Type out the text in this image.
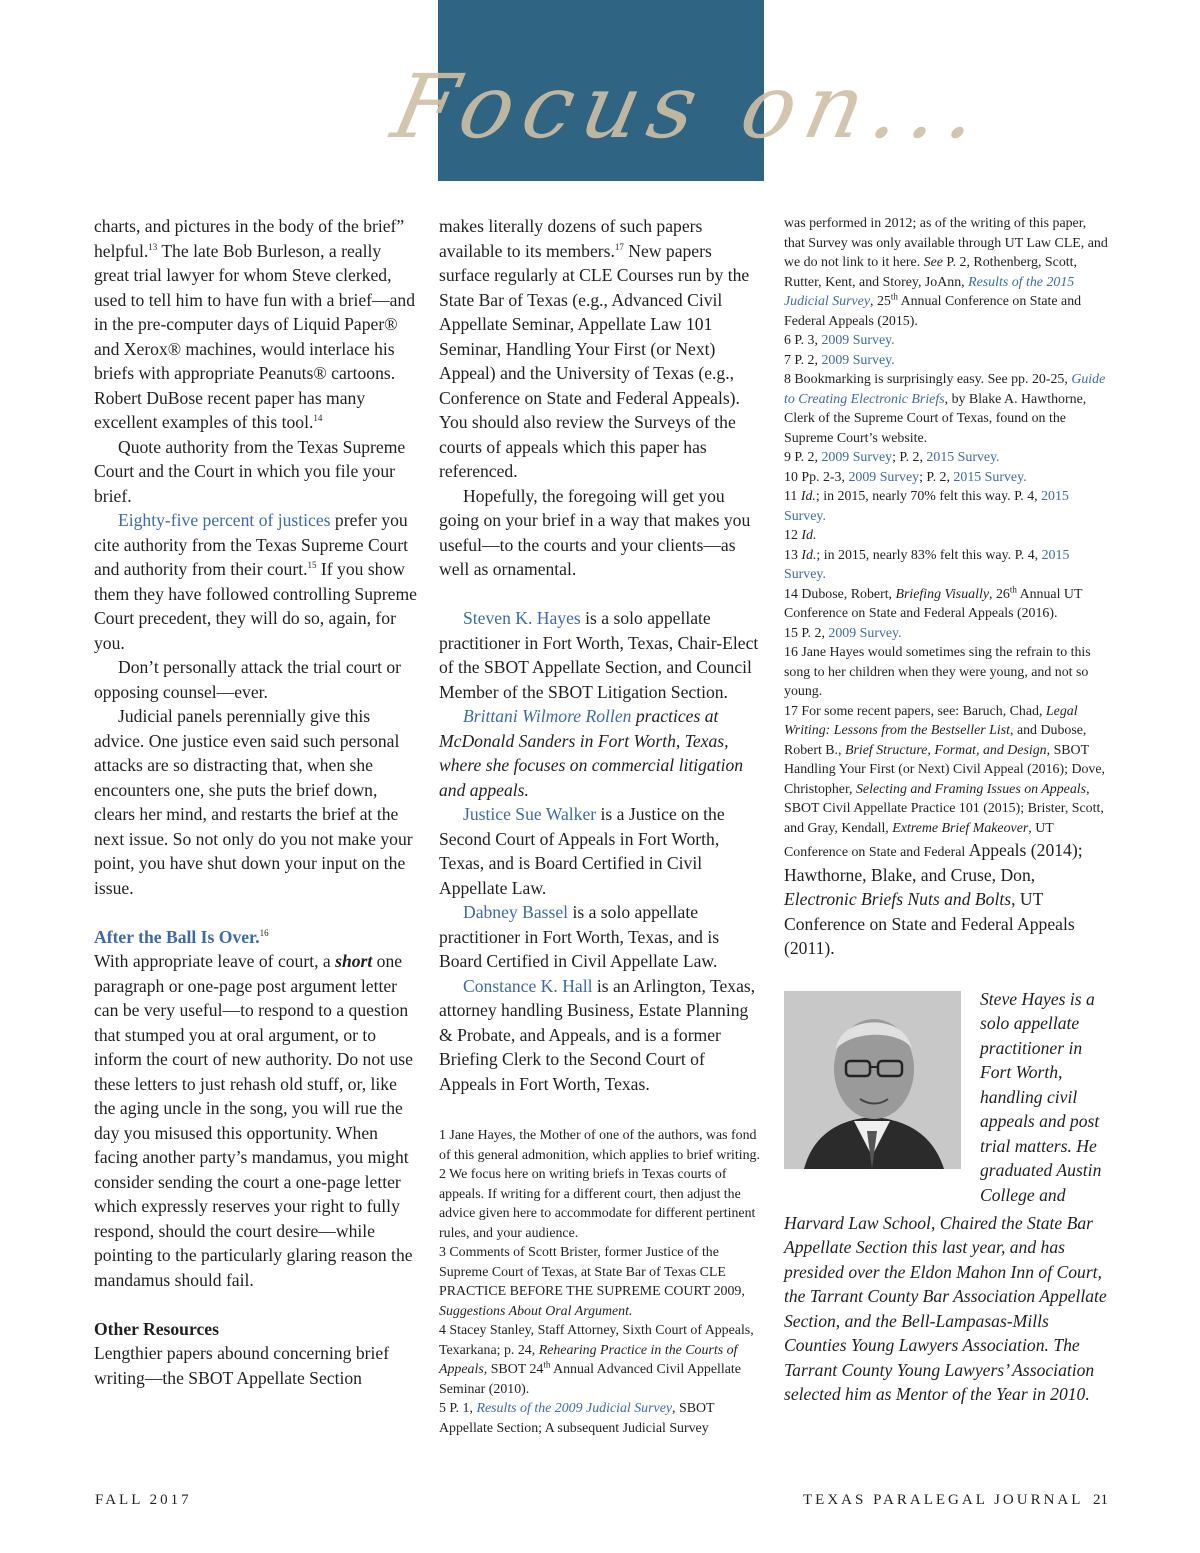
Focus on...

charts, and pictures in the body of the brief” helpful.$^{13}$ The late Bob Burleson, a really great trial lawyer for whom Steve clerked, used to tell him to have fun with a brief—and in the pre-computer days of Liquid Paper® and Xerox® machines, would interlace his briefs with appropriate Peanuts® cartoons. Robert DuBose recent paper has many excellent examples of this tool.$^{14}$

Quote authority from the Texas Supreme Court and the Court in which you file your brief.

Eighty-five percent of justices prefer you cite authority from the Texas Supreme Court and authority from their court.$^{15}$ If you show them they have followed controlling Supreme Court precedent, they will do so, again, for you.

Don’t personally attack the trial court or opposing counsel—ever.

Judicial panels perennially give this advice. One justice even said such personal attacks are so distracting that, when she encounters one, she puts the brief down, clears her mind, and restarts the brief at the next issue. So not only do you not make your point, you have shut down your input on the issue.

After the Ball Is Over.$^{16}$

With appropriate leave of court, a short one paragraph or one-page post argument letter can be very useful—to respond to a question that stumped you at oral argument, or to inform the court of new authority. Do not use these letters to just rehash old stuff, or, like the aging uncle in the song, you will rue the day you misused this opportunity. When facing another party’s mandamus, you might consider sending the court a one-page letter which expressly reserves your right to fully respond, should the court desire—while pointing to the particularly glaring reason the mandamus should fail.

Other Resources

Lengthier papers abound concerning brief writing—the SBOT Appellate Section

makes literally dozens of such papers available to its members.$^{17}$ New papers surface regularly at CLE Courses run by the State Bar of Texas (e.g., Advanced Civil Appellate Seminar, Appellate Law 101 Seminar, Handling Your First (or Next) Appeal) and the University of Texas (e.g., Conference on State and Federal Appeals). You should also review the Surveys of the courts of appeals which this paper has referenced.

Hopefully, the foregoing will get you going on your brief in a way that makes you useful—to the courts and your clients—as well as ornamental.

Steven K. Hayes is a solo appellate practitioner in Fort Worth, Texas, Chair-Elect of the SBOT Appellate Section, and Council Member of the SBOT Litigation Section.

Brittani Wilmore Rollen practices at McDonald Sanders in Fort Worth, Texas, where she focuses on commercial litigation and appeals.

Justice Sue Walker is a Justice on the Second Court of Appeals in Fort Worth, Texas, and is Board Certified in Civil Appellate Law.

Dabney Bassel is a solo appellate practitioner in Fort Worth, Texas, and is Board Certified in Civil Appellate Law.

Constance K. Hall is an Arlington, Texas, attorney handling Business, Estate Planning & Probate, and Appeals, and is a former Briefing Clerk to the Second Court of Appeals in Fort Worth, Texas.

1 Jane Hayes, the Mother of one of the authors, was fond of this general admonition, which applies to brief writing.

2 We focus here on writing briefs in Texas courts of appeals. If writing for a different court, then adjust the advice given here to accommodate for different pertinent rules, and your audience.

3 Comments of Scott Brister, former Justice of the Supreme Court of Texas, at State Bar of Texas CLE PRACTICE BEFORE THE SUPREME COURT 2009, Suggestions About Oral Argument.

4 Stacey Stanley, Staff Attorney, Sixth Court of Appeals, Texarkana; p. 24, Rehearing Practice in the Courts of Appeals, SBOT 24th Annual Advanced Civil Appellate Seminar (2010).

5 P. 1, Results of the 2009 Judicial Survey, SBOT Appellate Section; A subsequent Judicial Survey

was performed in 2012; as of the writing of this paper, that Survey was only available through UT Law CLE, and we do not link to it here. See P. 2, Rothenberg, Scott, Rutter, Kent, and Storey, JoAnn, Results of the 2015 Judicial Survey, 25th Annual Conference on State and Federal Appeals (2015).

6 P. 3, 2009 Survey.

7 P. 2, 2009 Survey.

8 Bookmarking is surprisingly easy. See pp. 20-25, Guide to Creating Electronic Briefs, by Blake A. Hawthorne, Clerk of the Supreme Court of Texas, found on the Supreme Court’s website.

9 P. 2, 2009 Survey; P. 2, 2015 Survey.

10 Pp. 2-3, 2009 Survey; P. 2, 2015 Survey.

11 Id.; in 2015, nearly 70% felt this way. P. 4, 2015 Survey.

12 Id.

13 Id.; in 2015, nearly 83% felt this way. P. 4, 2015 Survey.

14 Dubose, Robert, Briefing Visually, 26th Annual UT Conference on State and Federal Appeals (2016).

15 P. 2, 2009 Survey.

16 Jane Hayes would sometimes sing the refrain to this song to her children when they were young, and not so young.

17 For some recent papers, see: Baruch, Chad, Legal Writing: Lessons from the Bestseller List, and Dubose, Robert B., Brief Structure, Format, and Design, SBOT Handling Your First (or Next) Civil Appeal (2016); Dove, Christopher, Selecting and Framing Issues on Appeals, SBOT Civil Appellate Practice 101 (2015); Brister, Scott, and Gray, Kendall, Extreme Brief Makeover, UT Conference on State and Federal Appeals (2014); Hawthorne, Blake, and Cruse, Don, Electronic Briefs Nuts and Bolts, UT Conference on State and Federal Appeals (2011).

Steve Hayes is a solo appellate practitioner in Fort Worth, handling civil appeals and post trial matters. He graduated Austin College and

Harvard Law School, Chaired the State Bar Appellate Section this last year, and has presided over the Eldon Mahon Inn of Court, the Tarrant County Bar Association Appellate Section, and the Bell-Lampasas-Mills Counties Young Lawyers Association. The Tarrant County Young Lawyers’ Association selected him as Mentor of the Year in 2010.

FALL 2017	TEXAS PARALEGAL JOURNAL 21
